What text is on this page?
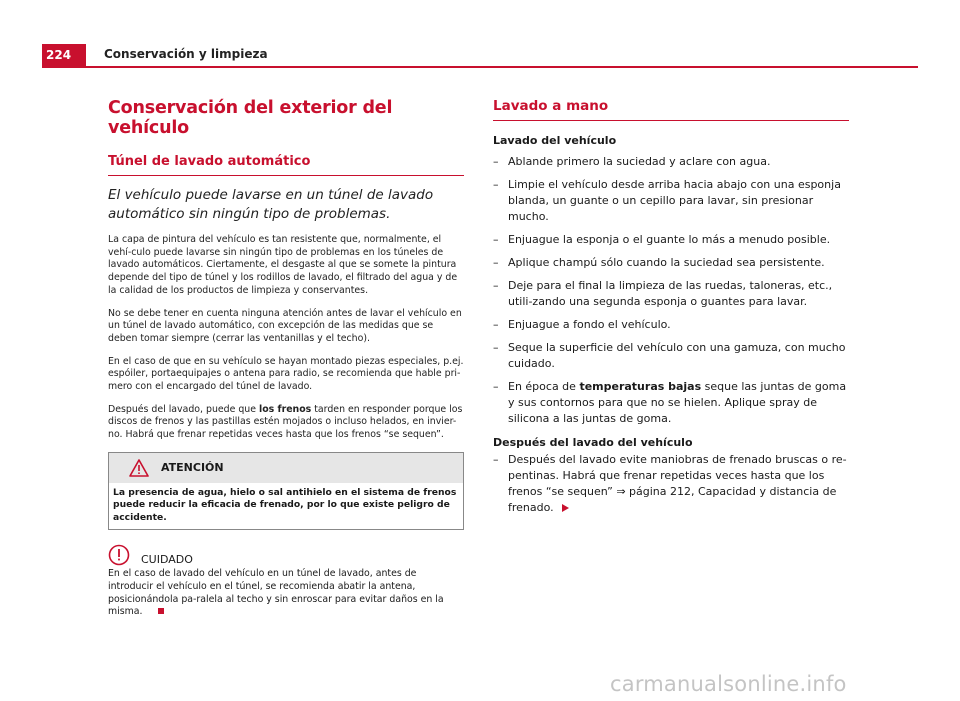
224	Conservación y limpieza
Conservación del exterior del vehículo
Túnel de lavado automático

El vehículo puede lavarse en un túnel de lavado automático sin ningún tipo de problemas.

La capa de pintura del vehículo es tan resistente que, normalmente, el vehí-culo puede lavarse sin ningún tipo de problemas en los túneles de lavado automáticos. Ciertamente, el desgaste al que se somete la pintura depende del tipo de túnel y los rodillos de lavado, el filtrado del agua y de la calidad de los productos de limpieza y conservantes.

No se debe tener en cuenta ninguna atención antes de lavar el vehículo en un túnel de lavado automático, con excepción de las medidas que se deben tomar siempre (cerrar las ventanillas y el techo).

En el caso de que en su vehículo se hayan montado piezas especiales, p.ej. espóiler, portaequipajes o antena para radio, se recomienda que hable pri-mero con el encargado del túnel de lavado.

Después del lavado, puede que los frenos tarden en responder porque los discos de frenos y las pastillas estén mojados o incluso helados, en invier-no. Habrá que frenar repetidas veces hasta que los frenos “se sequen”.

ATENCIÓN
La presencia de agua, hielo o sal antihielo en el sistema de frenos puede reducir la eficacia de frenado, por lo que existe peligro de accidente.
CUIDADO
En el caso de lavado del vehículo en un túnel de lavado, antes de introducir el vehículo en el túnel, se recomienda abatir la antena, posicionándola pa-ralela al techo y sin enroscar para evitar daños en la misma.
Lavado a mano
Lavado del vehículo
– Ablande primero la suciedad y aclare con agua.
– Limpie el vehículo desde arriba hacia abajo con una esponja blanda, un guante o un cepillo para lavar, sin presionar mucho.
– Enjuague la esponja o el guante lo más a menudo posible.
– Aplique champú sólo cuando la suciedad sea persistente.
– Deje para el final la limpieza de las ruedas, taloneras, etc., utili-zando una segunda esponja o guantes para lavar.
– Enjuague a fondo el vehículo.
– Seque la superficie del vehículo con una gamuza, con mucho cuidado.
– En época de temperaturas bajas seque las juntas de goma y sus contornos para que no se hielen. Aplique spray de silicona a las juntas de goma.
Después del lavado del vehículo
– Después del lavado evite maniobras de frenado bruscas o re-pentinas. Habrá que frenar repetidas veces hasta que los frenos “se sequen” ⇒ página 212, Capacidad y distancia de frenado.
carmanualsonline.info
